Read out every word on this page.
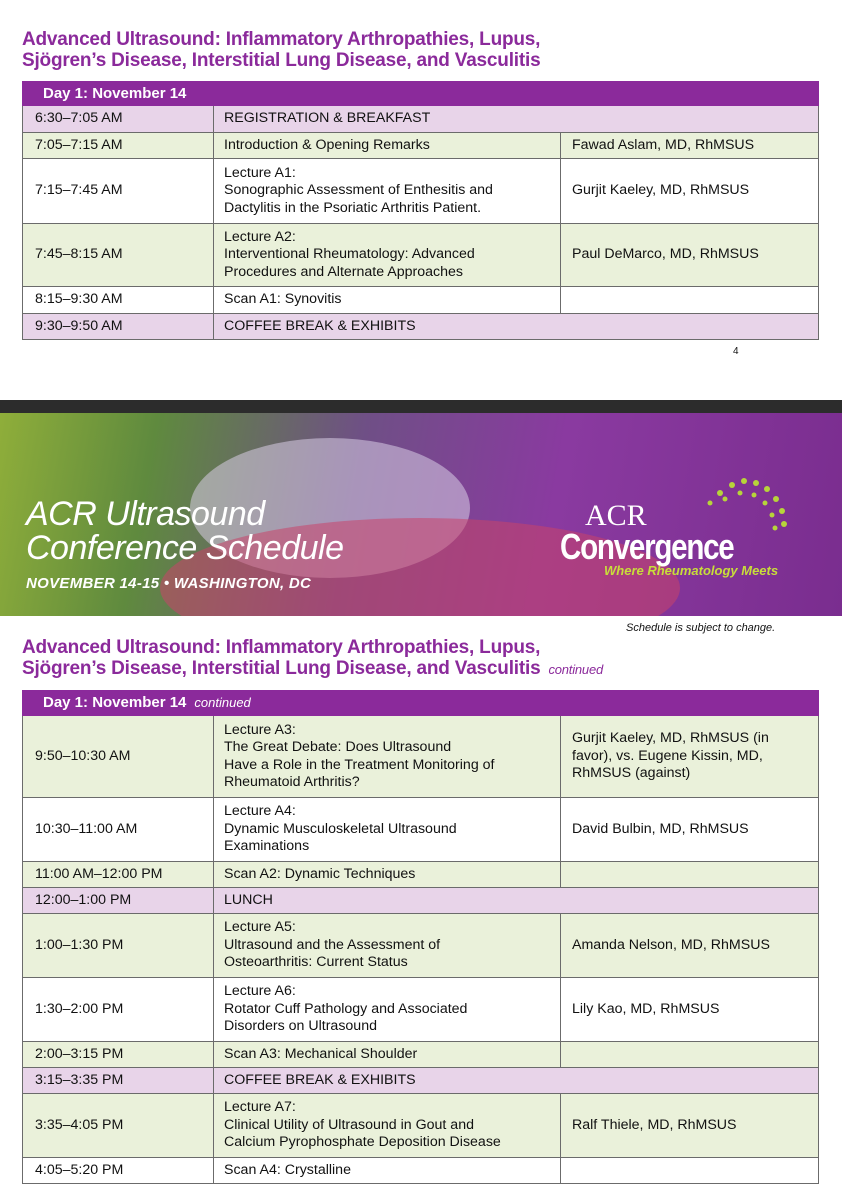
Advanced Ultrasound: Inflammatory Arthropathies, Lupus,
Sjögren’s Disease, Interstitial Lung Disease, and Vasculitis
Day 1: November 14		
6:30–7:05 AM	REGISTRATION & BREAKFAST	
7:05–7:15 AM	Introduction & Opening Remarks	Fawad Aslam, MD, RhMSUS
7:15–7:45 AM	Lecture A1:
Sonographic Assessment of Enthesitis and
Dactylitis in the Psoriatic Arthritis Patient.	Gurjit Kaeley, MD, RhMSUS
7:45–8:15 AM	Lecture A2:
Interventional Rheumatology: Advanced
Procedures and Alternate Approaches	Paul DeMarco, MD, RhMSUS
8:15–9:30 AM	Scan A1: Synovitis	
9:30–9:50 AM	COFFEE BREAK & EXHIBITS	
4
ACR Ultrasound
Conference Schedule
NOVEMBER 14-15 • WASHINGTON, DC
ACR
Convergence
Where Rheumatology Meets
Schedule is subject to change.
Advanced Ultrasound: Inflammatory Arthropathies, Lupus,
Sjögren’s Disease, Interstitial Lung Disease, and Vasculitis continued
Day 1: November 14 continued		
9:50–10:30 AM	Lecture A3:
The Great Debate: Does Ultrasound
Have a Role in the Treatment Monitoring of
Rheumatoid Arthritis?	Gurjit Kaeley, MD, RhMSUS (in
favor), vs. Eugene Kissin, MD,
RhMSUS (against)
10:30–11:00 AM	Lecture A4:
Dynamic Musculoskeletal Ultrasound
Examinations	David Bulbin, MD, RhMSUS
11:00 AM–12:00 PM	Scan A2: Dynamic Techniques	
12:00–1:00 PM	LUNCH	
1:00–1:30 PM	Lecture A5:
Ultrasound and the Assessment of
Osteoarthritis: Current Status	Amanda Nelson, MD, RhMSUS
1:30–2:00 PM	Lecture A6:
Rotator Cuff Pathology and Associated
Disorders on Ultrasound	Lily Kao, MD, RhMSUS
2:00–3:15 PM	Scan A3: Mechanical Shoulder	
3:15–3:35 PM	COFFEE BREAK & EXHIBITS	
3:35–4:05 PM	Lecture A7:
Clinical Utility of Ultrasound in Gout and
Calcium Pyrophosphate Deposition Disease	Ralf Thiele, MD, RhMSUS
4:05–5:20 PM	Scan A4: Crystalline	
